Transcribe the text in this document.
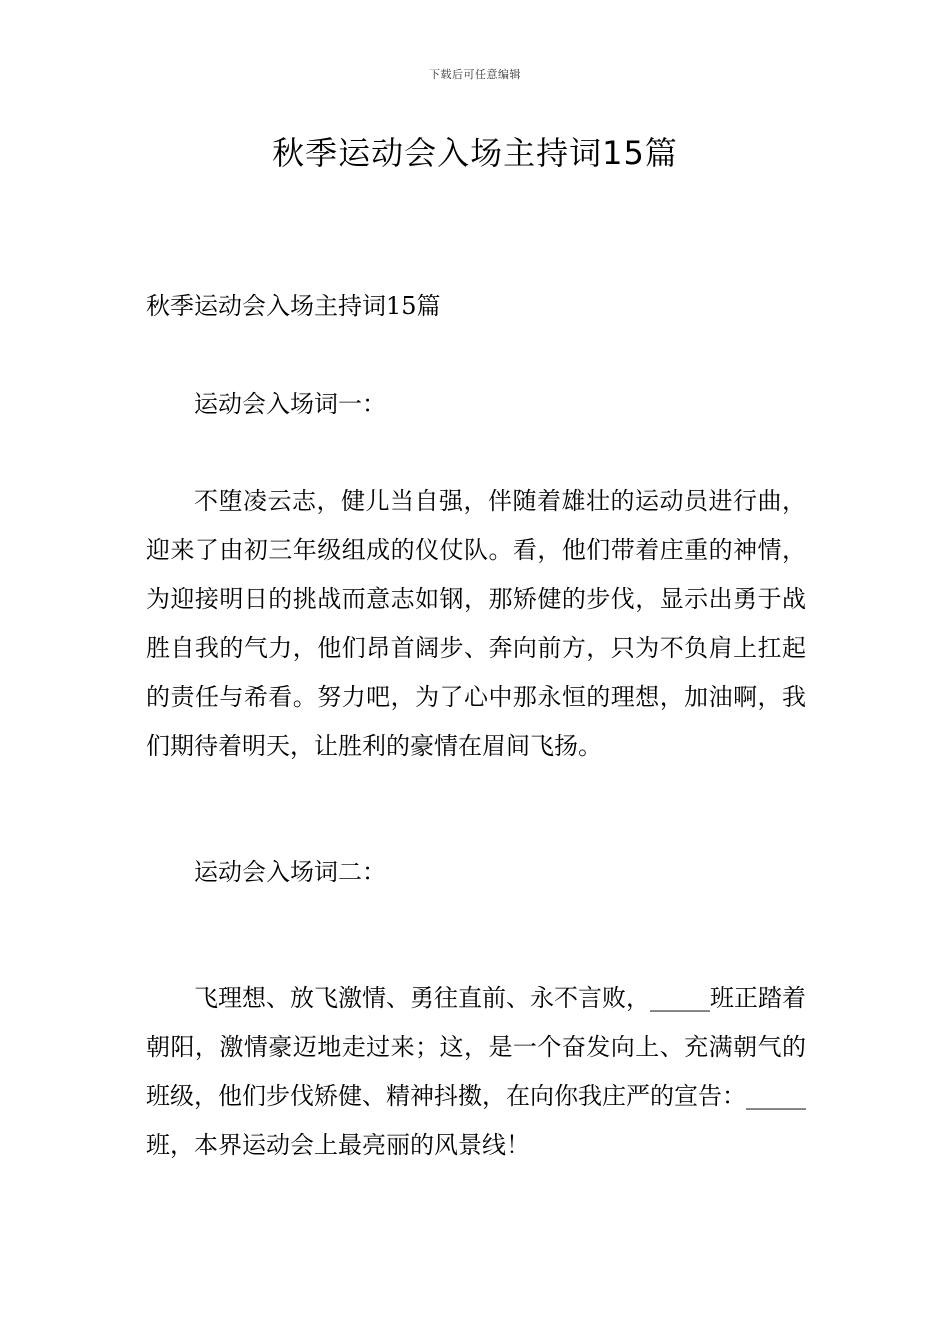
下载后可任意编辑
秋季运动会入场主持词15篇

秋季运动会入场主持词15篇

运动会入场词一：

不堕凌云志，健儿当自强，伴随着雄壮的运动员进行曲，迎来了由初三年级组成的仪仗队。看，他们带着庄重的神情，为迎接明日的挑战而意志如钢，那矫健的步伐，显示出勇于战胜自我的气力，他们昂首阔步、奔向前方，只为不负肩上扛起的责任与希看。努力吧，为了心中那永恒的理想，加油啊，我们期待着明天，让胜利的豪情在眉间飞扬。

运动会入场词二：

飞理想、放飞激情、勇往直前、永不言败，_____班正踏着朝阳，激情豪迈地走过来；这，是一个奋发向上、充满朝气的班级，他们步伐矫健、精神抖擞，在向你我庄严的宣告：_____班，本界运动会上最亮丽的风景线！
